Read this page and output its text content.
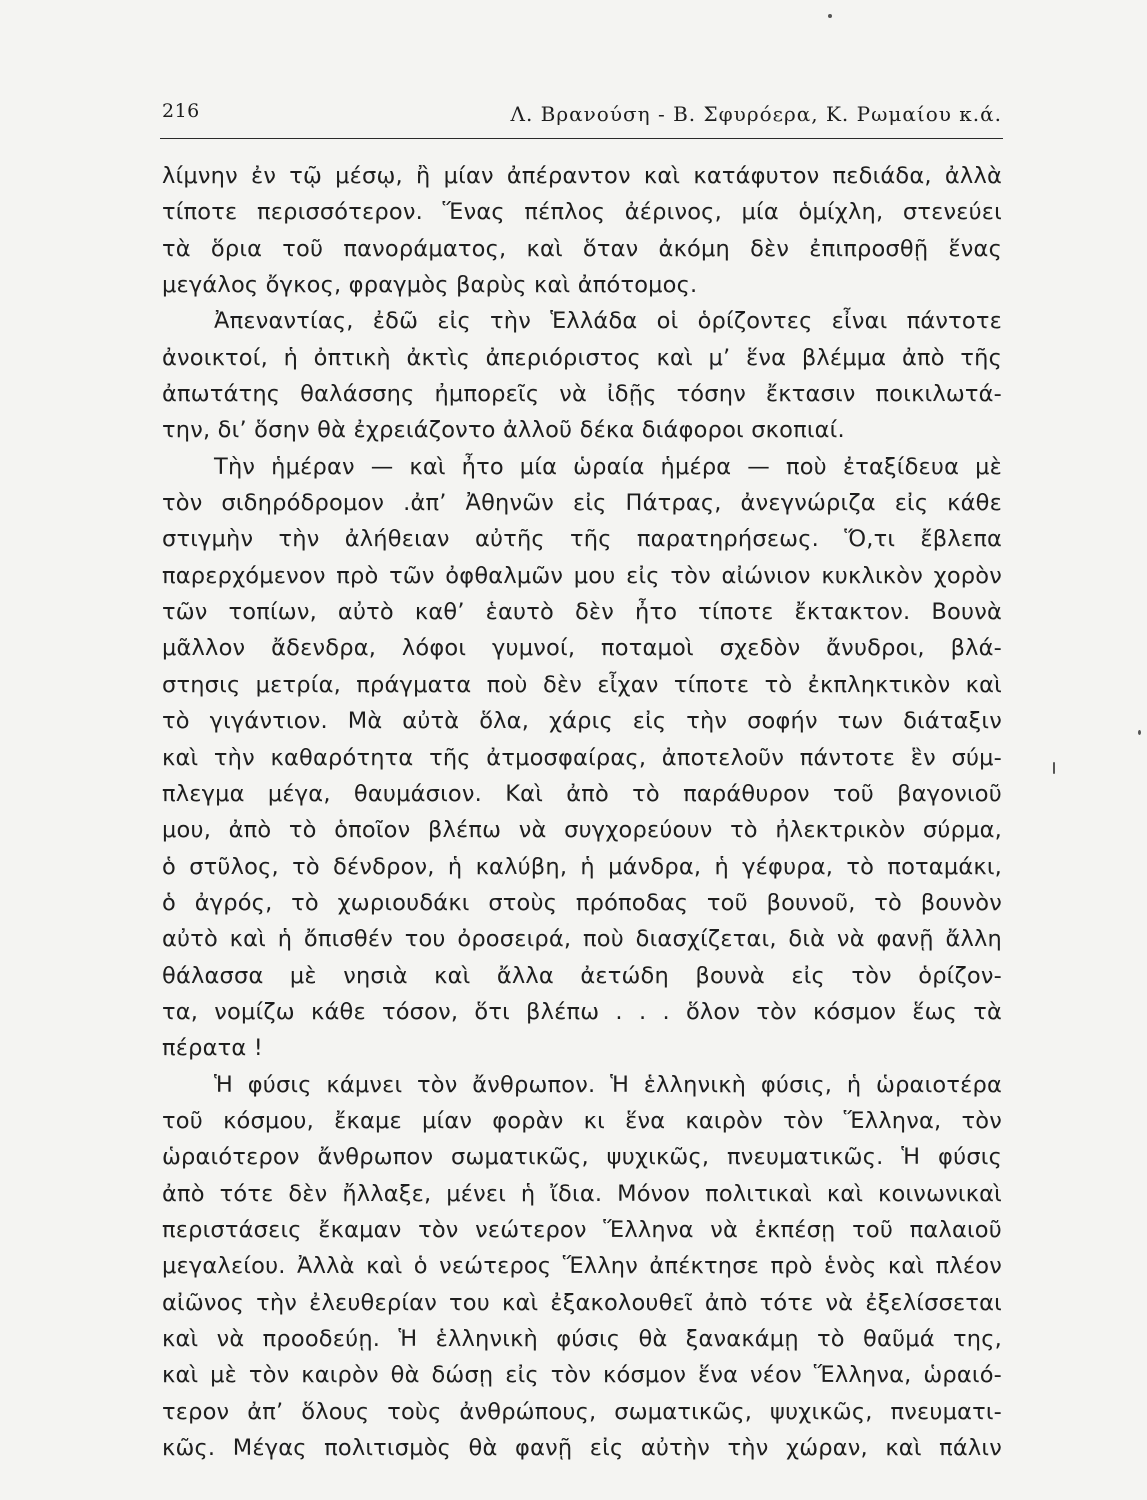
216	Λ. Βρανούση - Β. Σφυρόερα, Κ. Ρωμαίου κ.ά.
λίμνην ἐν τῷ μέσῳ, ἢ μίαν ἀπέραντον καὶ κατάφυτον πεδιάδα, ἀλλὰ
τίποτε περισσότερον. Ἕνας πέπλος ἀέρινος, μία ὁμίχλη, στενεύει
τὰ ὅρια τοῦ πανοράματος, καὶ ὅταν ἀκόμη δὲν ἐπιπροσθῇ ἕνας
μεγάλος ὄγκος, φραγμὸς βαρὺς καὶ ἀπότομος.
Ἀπεναντίας, ἐδῶ εἰς τὴν Ἑλλάδα οἱ ὁρίζοντες εἶναι πάντοτε
ἀνοικτοί, ἡ ὀπτικὴ ἀκτὶς ἀπεριόριστος καὶ μ’ ἕνα βλέμμα ἀπὸ τῆς
ἀπωτάτης θαλάσσης ἠμπορεῖς νὰ ἰδῇς τόσην ἔκτασιν ποικιλωτά-
την, δι’ ὅσην θὰ ἐχρειάζοντο ἀλλοῦ δέκα διάφοροι σκοπιαί.
Τὴν ἡμέραν — καὶ ἦτο μία ὡραία ἡμέρα — ποὺ ἐταξίδευα μὲ
τὸν σιδηρόδρομον .ἀπ’ Ἀθηνῶν εἰς Πάτρας, ἀνεγνώριζα εἰς κάθε
στιγμὴν τὴν ἀλήθειαν αὐτῆς τῆς παρατηρήσεως. Ὅ,τι ἔβλεπα
παρερχόμενον πρὸ τῶν ὀφθαλμῶν μου εἰς τὸν αἰώνιον κυκλικὸν χορὸν
τῶν τοπίων, αὐτὸ καθ’ ἑαυτὸ δὲν ἦτο τίποτε ἔκτακτον. Βουνὰ
μᾶλλον ἄδενδρα, λόφοι γυμνοί, ποταμοὶ σχεδὸν ἄνυδροι, βλά-
στησις μετρία, πράγματα ποὺ δὲν εἶχαν τίποτε τὸ ἐκπληκτικὸν καὶ
τὸ γιγάντιον. Μὰ αὐτὰ ὅλα, χάρις εἰς τὴν σοφήν των διάταξιν
καὶ τὴν καθαρότητα τῆς ἀτμοσφαίρας, ἀποτελοῦν πάντοτε ἓν σύμ-
πλεγμα μέγα, θαυμάσιον. Καὶ ἀπὸ τὸ παράθυρον τοῦ βαγονιοῦ
μου, ἀπὸ τὸ ὁποῖον βλέπω νὰ συγχορεύουν τὸ ἠλεκτρικὸν σύρμα,
ὁ στῦλος, τὸ δένδρον, ἡ καλύβη, ἡ μάνδρα, ἡ γέφυρα, τὸ ποταμάκι,
ὁ ἀγρός, τὸ χωριουδάκι στοὺς πρόποδας τοῦ βουνοῦ, τὸ βουνὸν
αὐτὸ καὶ ἡ ὄπισθέν του ὀροσειρά, ποὺ διασχίζεται, διὰ νὰ φανῇ ἄλλη
θάλασσα μὲ νησιὰ καὶ ἄλλα ἀετώδη βουνὰ εἰς τὸν ὁρίζον-
τα, νομίζω κάθε τόσον, ὅτι βλέπω . . . ὅλον τὸν κόσμον ἕως τὰ
πέρατα !
Ἡ φύσις κάμνει τὸν ἄνθρωπον. Ἡ ἑλληνικὴ φύσις, ἡ ὡραιοτέρα
τοῦ κόσμου, ἔκαμε μίαν φορὰν κι ἕνα καιρὸν τὸν Ἕλληνα, τὸν
ὡραιότερον ἄνθρωπον σωματικῶς, ψυχικῶς, πνευματικῶς. Ἡ φύσις
ἀπὸ τότε δὲν ἤλλαξε, μένει ἡ ἴδια. Μόνον πολιτικαὶ καὶ κοινωνικαὶ
περιστάσεις ἔκαμαν τὸν νεώτερον Ἕλληνα νὰ ἐκπέσῃ τοῦ παλαιοῦ
μεγαλείου. Ἀλλὰ καὶ ὁ νεώτερος Ἕλλην ἀπέκτησε πρὸ ἑνὸς καὶ πλέον
αἰῶνος τὴν ἐλευθερίαν του καὶ ἐξακολουθεῖ ἀπὸ τότε νὰ ἐξελίσσεται
καὶ νὰ προοδεύῃ. Ἡ ἑλληνικὴ φύσις θὰ ξανακάμῃ τὸ θαῦμά της,
καὶ μὲ τὸν καιρὸν θὰ δώσῃ εἰς τὸν κόσμον ἕνα νέον Ἕλληνα, ὡραιό-
τερον ἀπ’ ὅλους τοὺς ἀνθρώπους, σωματικῶς, ψυχικῶς, πνευματι-
κῶς. Μέγας πολιτισμὸς θὰ φανῇ εἰς αὐτὴν τὴν χώραν, καὶ πάλιν
